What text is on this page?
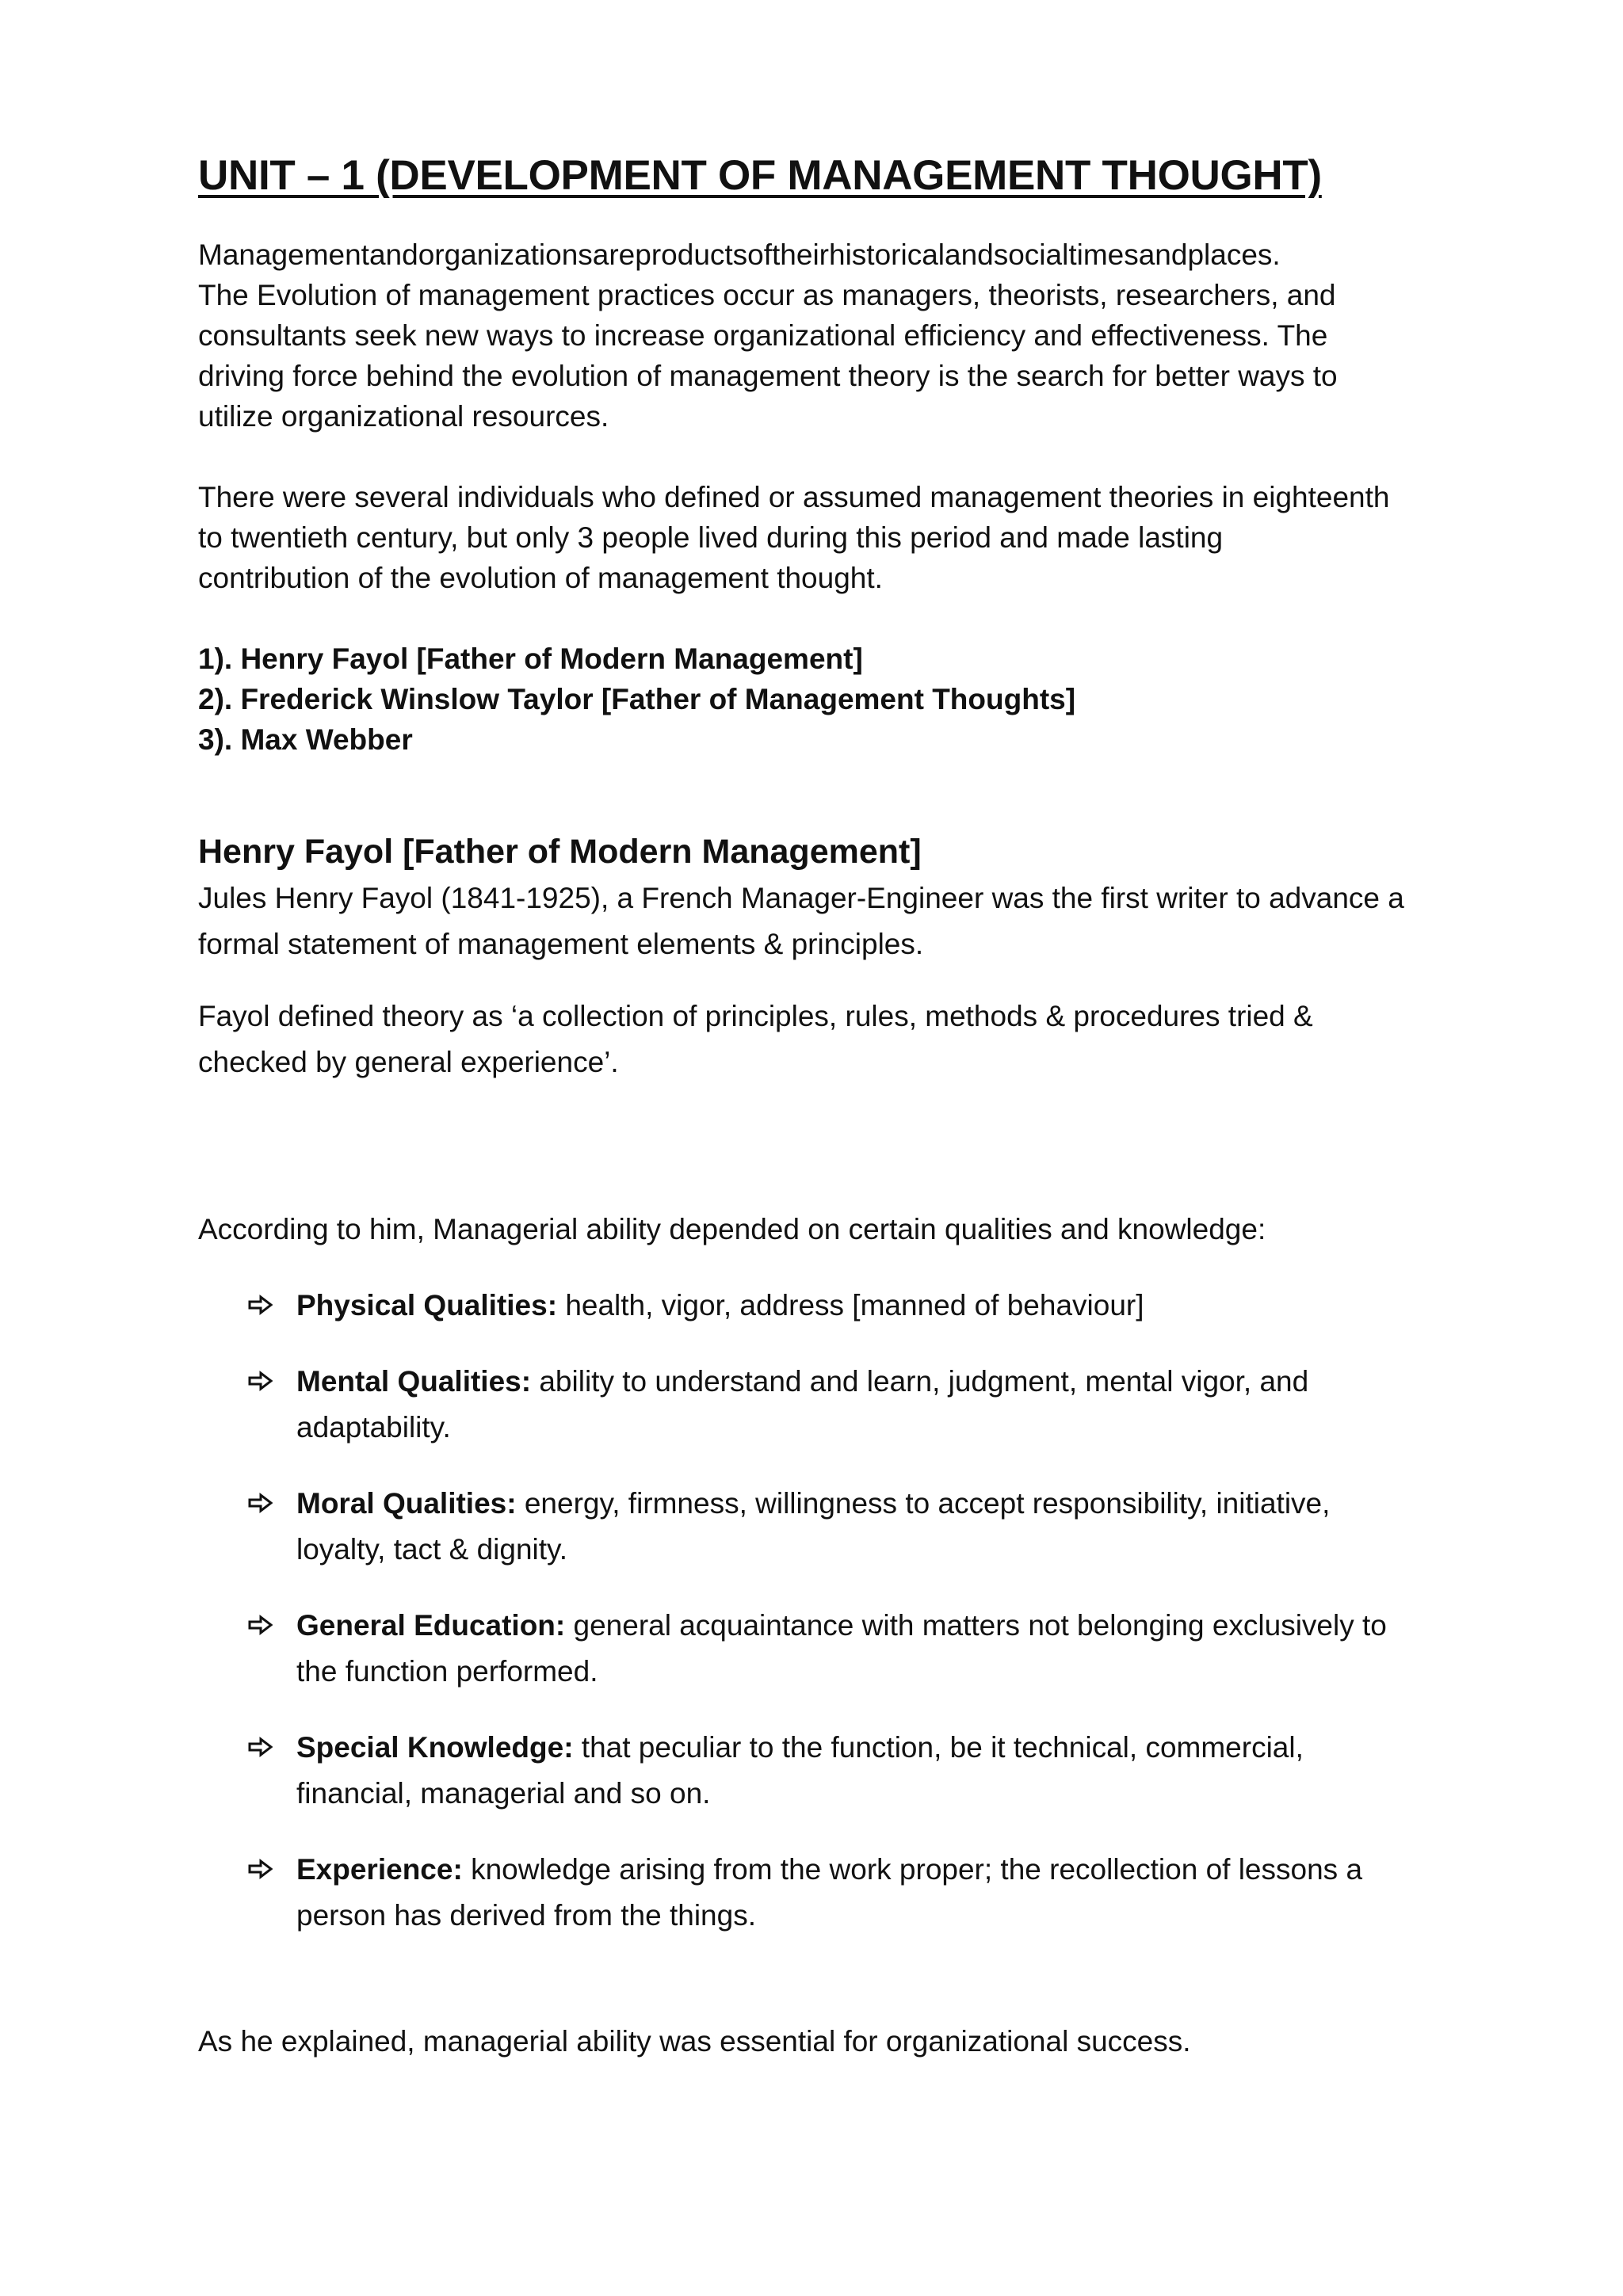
UNIT – 1 (DEVELOPMENT OF MANAGEMENT THOUGHT)
Managementandorganizationsareproductsoftheirhistoricalandsocialtimesandplaces.
The Evolution of management practices occur as managers, theorists, researchers, and
consultants seek new ways to increase organizational efficiency and effectiveness. The
driving force behind the evolution of management theory is the search for better ways to
utilize organizational resources.
There were several individuals who defined or assumed management theories in eighteenth
to twentieth century, but only 3 people lived during this period and made lasting
contribution of the evolution of management thought.
1). Henry Fayol [Father of Modern Management]
2). Frederick Winslow Taylor [Father of Management Thoughts]
3). Max Webber
Henry Fayol [Father of Modern Management]
Jules Henry Fayol (1841-1925), a French Manager-Engineer was the first writer to advance a
formal statement of management elements & principles.
Fayol defined theory as ‘a collection of principles, rules, methods & procedures tried &
checked by general experience’.
According to him, Managerial ability depended on certain qualities and knowledge:
Physical Qualities: health, vigor, address [manned of behaviour]
Mental Qualities: ability to understand and learn, judgment, mental vigor, and
adaptability.
Moral Qualities: energy, firmness, willingness to accept responsibility, initiative,
loyalty, tact & dignity.
General Education: general acquaintance with matters not belonging exclusively to
the function performed.
Special Knowledge: that peculiar to the function, be it technical, commercial,
financial, managerial and so on.
Experience: knowledge arising from the work proper; the recollection of lessons a
person has derived from the things.
As he explained, managerial ability was essential for organizational success.
